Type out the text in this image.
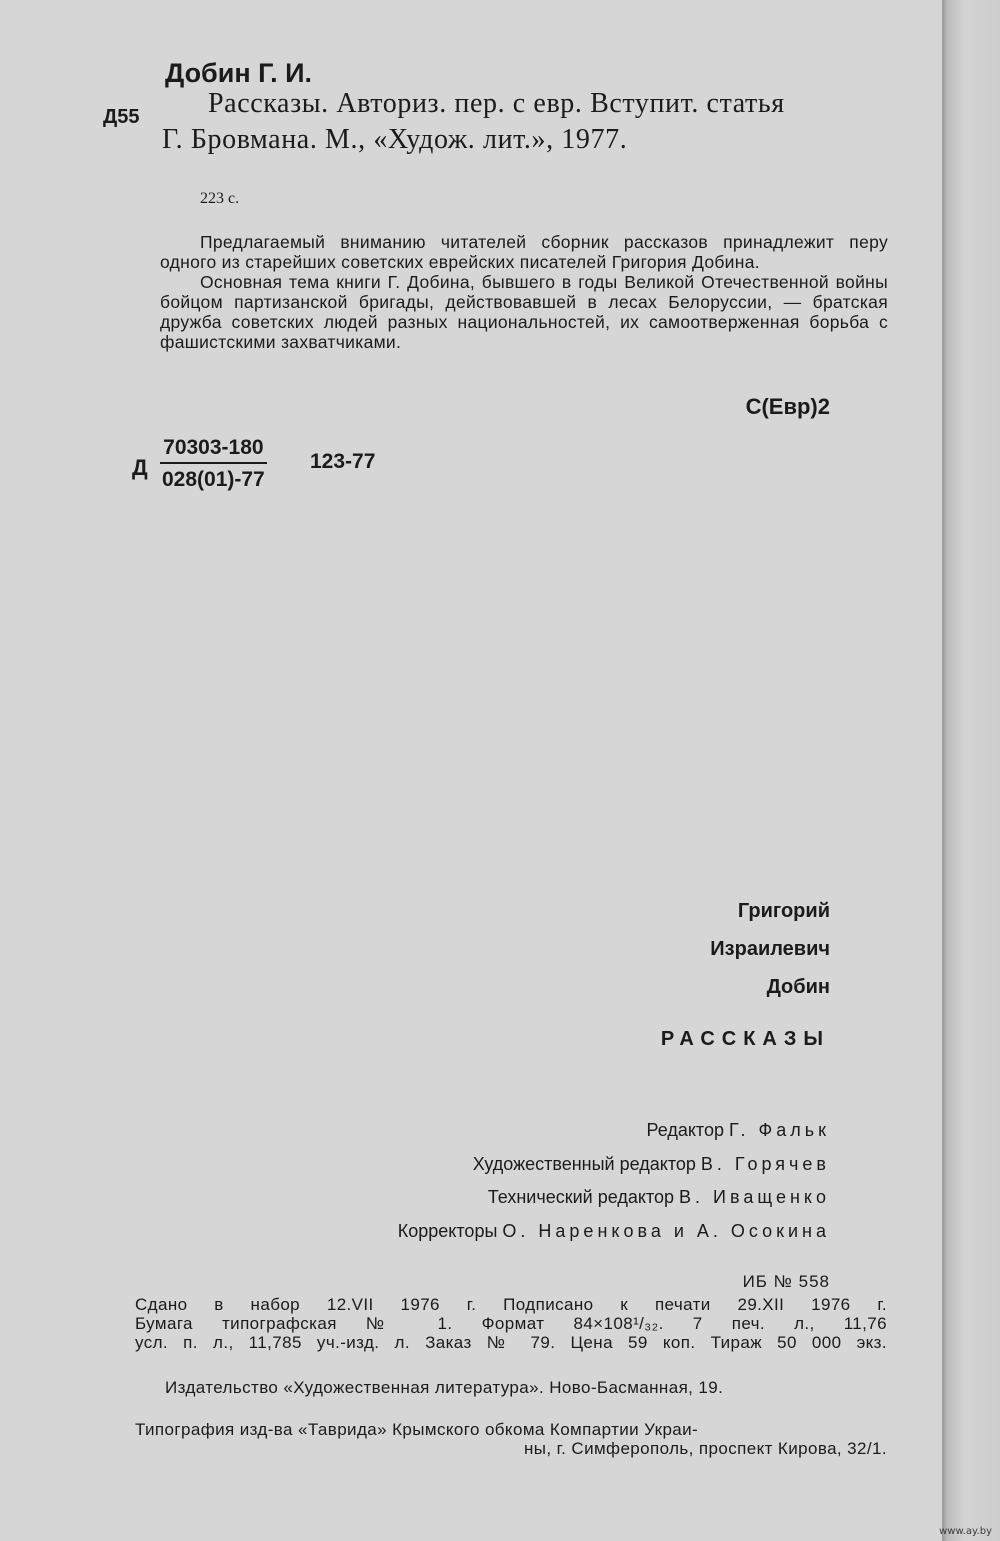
Добин Г. И.
Д55 Рассказы. Авториз. пер. с евр. Вступит. статья
Г. Бровмана. М., «Худож. лит.», 1977.
223 с.

Предлагаемый вниманию читателей сборник рассказов принадлежит перу одного из старейших советских еврейских писателей Григория Добина.

Основная тема книги Г. Добина, бывшего в годы Великой Отечественной войны бойцом партизанской бригады, действовавшей в лесах Белоруссии, — братская дружба советских людей разных национальностей, их самоотверженная борьба с фашистскими захватчиками.

С(Евр)2
Д $\frac{70303-180}{028(01)-77} 123-77$
Григорий
Израилевич
Добин
РАССКАЗЫ
Редактор Г. Фальк
Художественный редактор В. Горячев
Технический редактор В. Иващенко
Корректоры О. Наренкова и А. Осокина
ИБ № 558
Сдано в набор 12.VII 1976 г. Подписано к печати 29.XII 1976 г.
Бумага типографская № 1. Формат 84×108¹/₃₂. 7 печ. л., 11,76
усл. п. л., 11,785 уч.-изд. л. Заказ № 79. Цена 59 коп. Тираж 50 000 экз.
Издательство «Художественная литература». Ново-Басманная, 19.
Типография изд-ва «Таврида» Крымского обкома Компартии Украи-
ны, г. Симферополь, проспект Кирова, 32/1.
www.ay.by
